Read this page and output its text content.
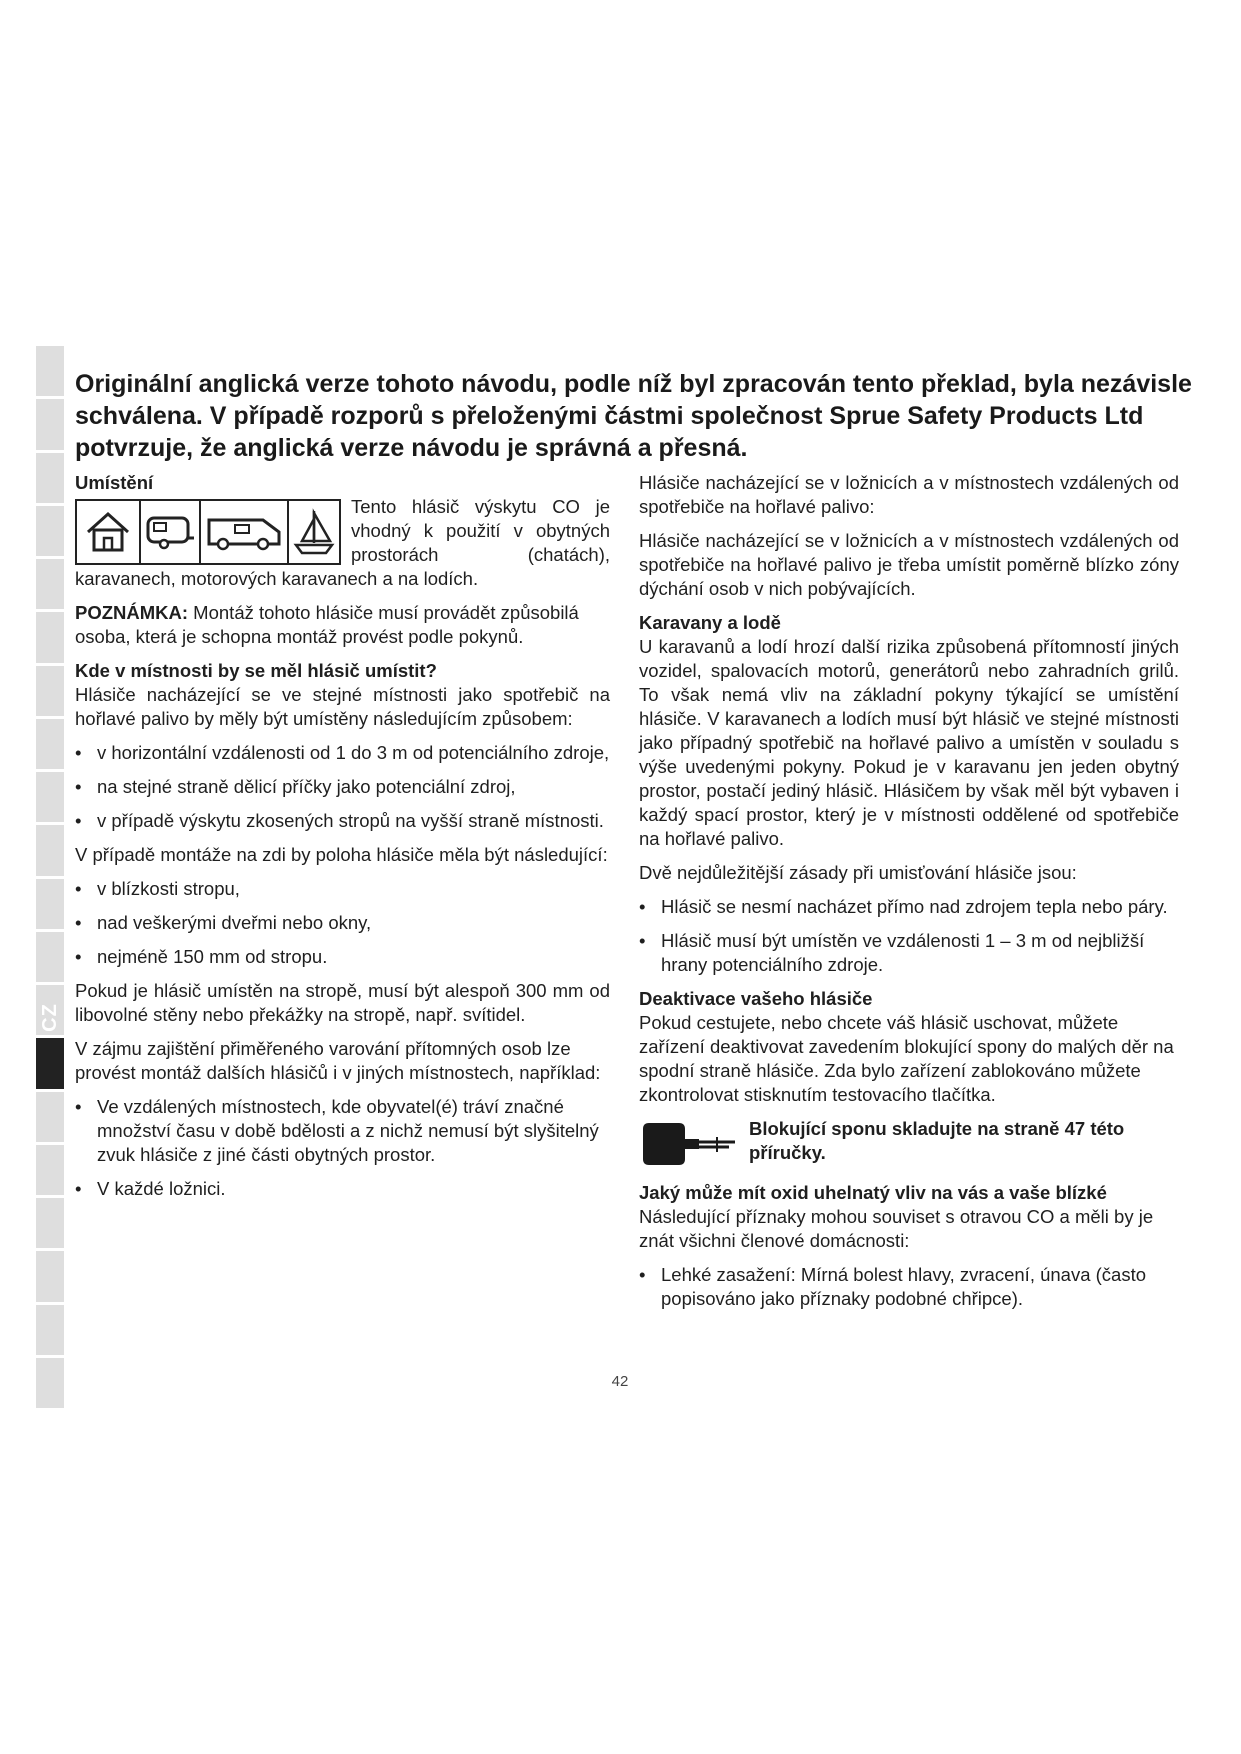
CZ
Originální anglická verze tohoto návodu, podle níž byl zpracován tento překlad, byla nezávisle schválena. V případě rozporů s přeloženými částmi společnost Sprue Safety Products Ltd potvrzuje, že anglická verze návodu je správná a přesná.
Umístění

Tento hlásič výskytu CO je vhodný k použití v obytných prostorách (chatách), karavanech, motorových karavanech a na lodích.

POZNÁMKA: Montáž tohoto hlásiče musí provádět způsobilá osoba, která je schopna montáž provést podle pokynů.

Kde v místnosti by se měl hlásič umístit?

Hlásiče nacházející se ve stejné místnosti jako spotřebič na hořlavé palivo by měly být umístěny následujícím způsobem:

• v horizontální vzdálenosti od 1 do 3 m od potenciálního zdroje,
• na stejné straně dělicí příčky jako potenciální zdroj,
• v případě výskytu zkosených stropů na vyšší straně místnosti.

V případě montáže na zdi by poloha hlásiče měla být následující:

• v blízkosti stropu,
• nad veškerými dveřmi nebo okny,
• nejméně 150 mm od stropu.

Pokud je hlásič umístěn na stropě, musí být alespoň 300 mm od libovolné stěny nebo překážky na stropě, např. svítidel.

V zájmu zajištění přiměřeného varování přítomných osob lze provést montáž dalších hlásičů i v jiných místnostech, například:

• Ve vzdálených místnostech, kde obyvatel(é) tráví značné množství času v době bdělosti a z nichž nemusí být slyšitelný zvuk hlásiče z jiné části obytných prostor.
• V každé ložnici.

Hlásiče nacházející se v ložnicích a v místnostech vzdálených od spotřebiče na hořlavé palivo:

Hlásiče nacházející se v ložnicích a v místnostech vzdálených od spotřebiče na hořlavé palivo je třeba umístit poměrně blízko zóny dýchání osob v nich pobývajících.

Karavany a lodě

U karavanů a lodí hrozí další rizika způsobená přítomností jiných vozidel, spalovacích motorů, generátorů nebo zahradních grilů. To však nemá vliv na základní pokyny týkající se umístění hlásiče. V karavanech a lodích musí být hlásič ve stejné místnosti jako případný spotřebič na hořlavé palivo a umístěn v souladu s výše uvedenými pokyny. Pokud je v karavanu jen jeden obytný prostor, postačí jediný hlásič. Hlásičem by však měl být vybaven i každý spací prostor, který je v místnosti oddělené od spotřebiče na hořlavé palivo.

Dvě nejdůležitější zásady při umisťování hlásiče jsou:

• Hlásič se nesmí nacházet přímo nad zdrojem tepla nebo páry.
• Hlásič musí být umístěn ve vzdálenosti 1 – 3 m od nejbližší hrany potenciálního zdroje.
Deaktivace vašeho hlásiče

Pokud cestujete, nebo chcete váš hlásič uschovat, můžete zařízení deaktivovat zavedením blokující spony do malých děr na spodní straně hlásiče. Zda bylo zařízení zablokováno můžete zkontrolovat stisknutím testovacího tlačítka.

Blokující sponu skladujte na straně 47 této příručky.
Jaký může mít oxid uhelnatý vliv na vás a vaše blízké

Následující příznaky mohou souviset s otravou CO a měli by je znát všichni členové domácnosti:

• Lehké zasažení: Mírná bolest hlavy, zvracení, únava (často popisováno jako příznaky podobné chřipce).
42
